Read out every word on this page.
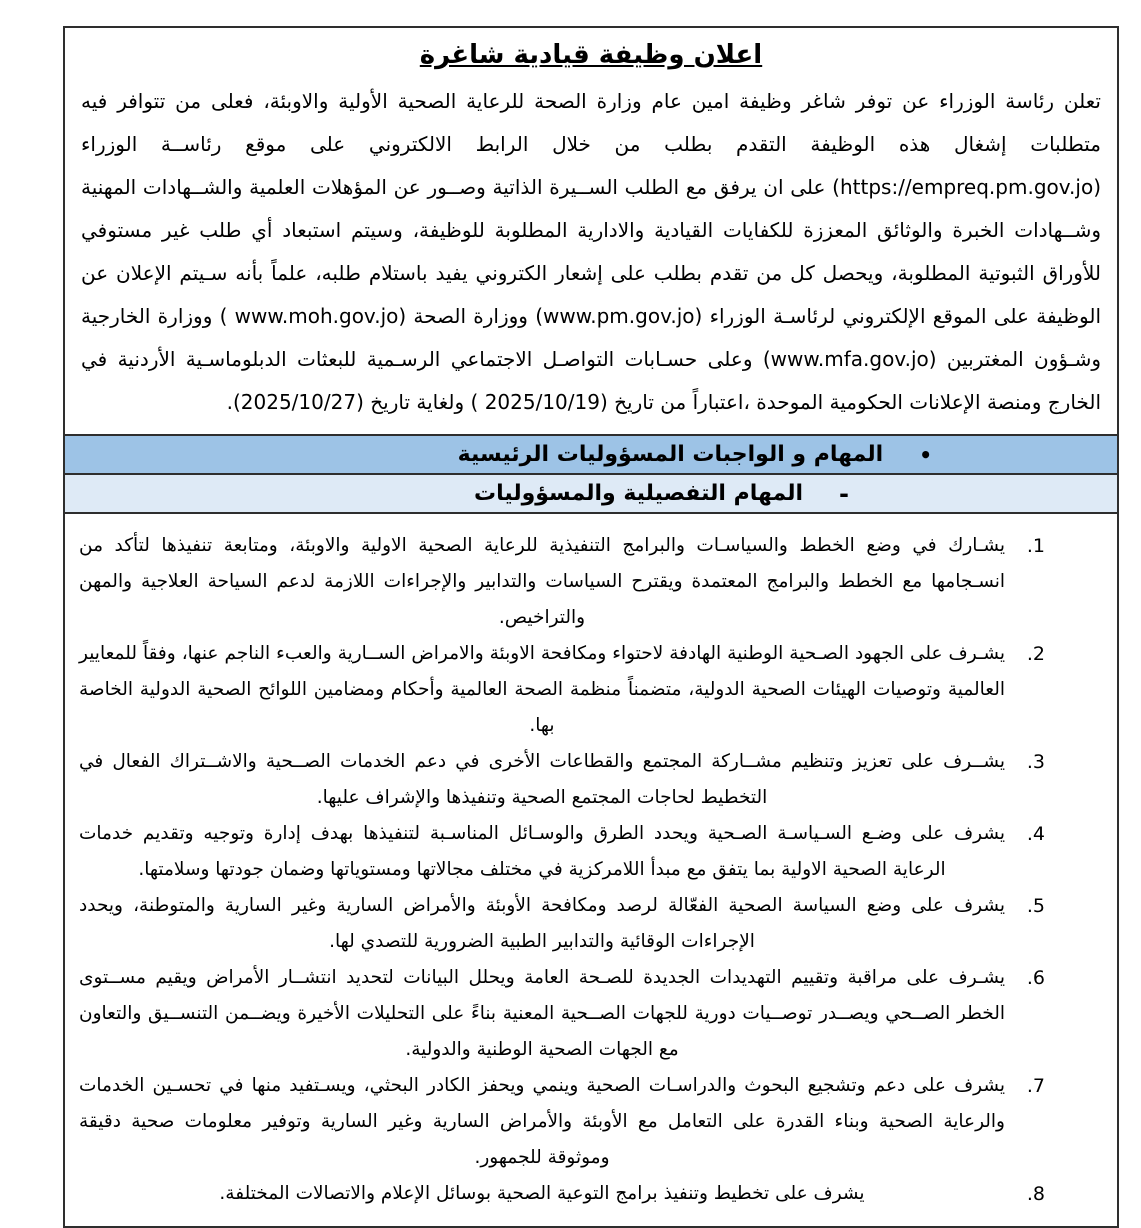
اعلان وظيفة قيادية شاغرة

تعلن رئاسة الوزراء عن توفر شاغر وظيفة امين عام وزارة الصحة للرعاية الصحية الأولية والاوبئة، فعلى من تتوافر فيه متطلبات إشغال هذه الوظيفة التقدم بطلب من خلال الرابط الالكتروني على موقع رئاســة الوزراء (https://empreq.pm.gov.jo) على ان يرفق مع الطلب الســيرة الذاتية وصــور عن المؤهلات العلمية والشــهادات المهنية وشــهادات الخبرة والوثائق المعززة للكفايات القيادية والادارية المطلوبة للوظيفة، وسيتم استبعاد أي طلب غير مستوفي للأوراق الثبوتية المطلوبة، ويحصل كل من تقدم بطلب على إشعار الكتروني يفيد باستلام طلبه، علماً بأنه سـيتم الإعلان عن الوظيفة على الموقع الإلكتروني لرئاسـة الوزراء (www.pm.gov.jo) ووزارة الصحة (www.moh.gov.jo ) ووزارة الخارجية وشـؤون المغتربين (www.mfa.gov.jo) وعلى حسـابات التواصـل الاجتماعي الرسـمية للبعثات الدبلوماسـية الأردنية في الخارج ومنصة الإعلانات الحكومية الموحدة ،اعتباراً من تاريخ (2025/10/19 ) ولغاية تاريخ (2025/10/27).

•
المهام و الواجبات المسؤوليات الرئيسية
-
المهام التفصيلية والمسؤوليات
1.
يشـارك في وضع الخطط والسياسـات والبرامج التنفيذية للرعاية الصحية الاولية والاوبئة، ومتابعة تنفيذها لتأكد من انسـجامها مع الخطط والبرامج المعتمدة ويقترح السياسات والتدابير والإجراءات اللازمة لدعم السياحة العلاجية والمهن والتراخيص.
2.
يشـرف على الجهود الصـحية الوطنية الهادفة لاحتواء ومكافحة الاوبئة والامراض الســارية والعبء الناجم عنها، وفقاً للمعايير العالمية وتوصيات الهيئات الصحية الدولية، متضمناً منظمة الصحة العالمية وأحكام ومضامين اللوائح الصحية الدولية الخاصة بها.
3.
يشــرف على تعزيز وتنظيم مشــاركة المجتمع والقطاعات الأخرى في دعم الخدمات الصــحية والاشــتراك الفعال في التخطيط لحاجات المجتمع الصحية وتنفيذها والإشراف عليها.
4.
يشرف على وضـع السـياسـة الصـحية ويحدد الطرق والوسـائل المناسـبة لتنفيذها بهدف إدارة وتوجيه وتقديم خدمات الرعاية الصحية الاولية بما يتفق مع مبدأ اللامركزية في مختلف مجالاتها ومستوياتها وضمان جودتها وسلامتها.
5.
يشرف على وضع السياسة الصحية الفعّالة لرصد ومكافحة الأوبئة والأمراض السارية وغير السارية والمتوطنة، ويحدد الإجراءات الوقائية والتدابير الطبية الضرورية للتصدي لها.
6.
يشـرف على مراقبة وتقييم التهديدات الجديدة للصـحة العامة ويحلل البيانات لتحديد انتشــار الأمراض ويقيم مســتوى الخطر الصــحي ويصــدر توصــيات دورية للجهات الصــحية المعنية بناءً على التحليلات الأخيرة ويضــمن التنســيق والتعاون مع الجهات الصحية الوطنية والدولية.
7.
يشرف على دعم وتشجيع البحوث والدراسـات الصحية وينمي ويحفز الكادر البحثي، ويسـتفيد منها في تحسـين الخدمات والرعاية الصحية وبناء القدرة على التعامل مع الأوبئة والأمراض السارية وغير السارية وتوفير معلومات صحية دقيقة وموثوقة للجمهور.
8.
يشرف على تخطيط وتنفيذ برامج التوعية الصحية بوسائل الإعلام والاتصالات المختلفة.
